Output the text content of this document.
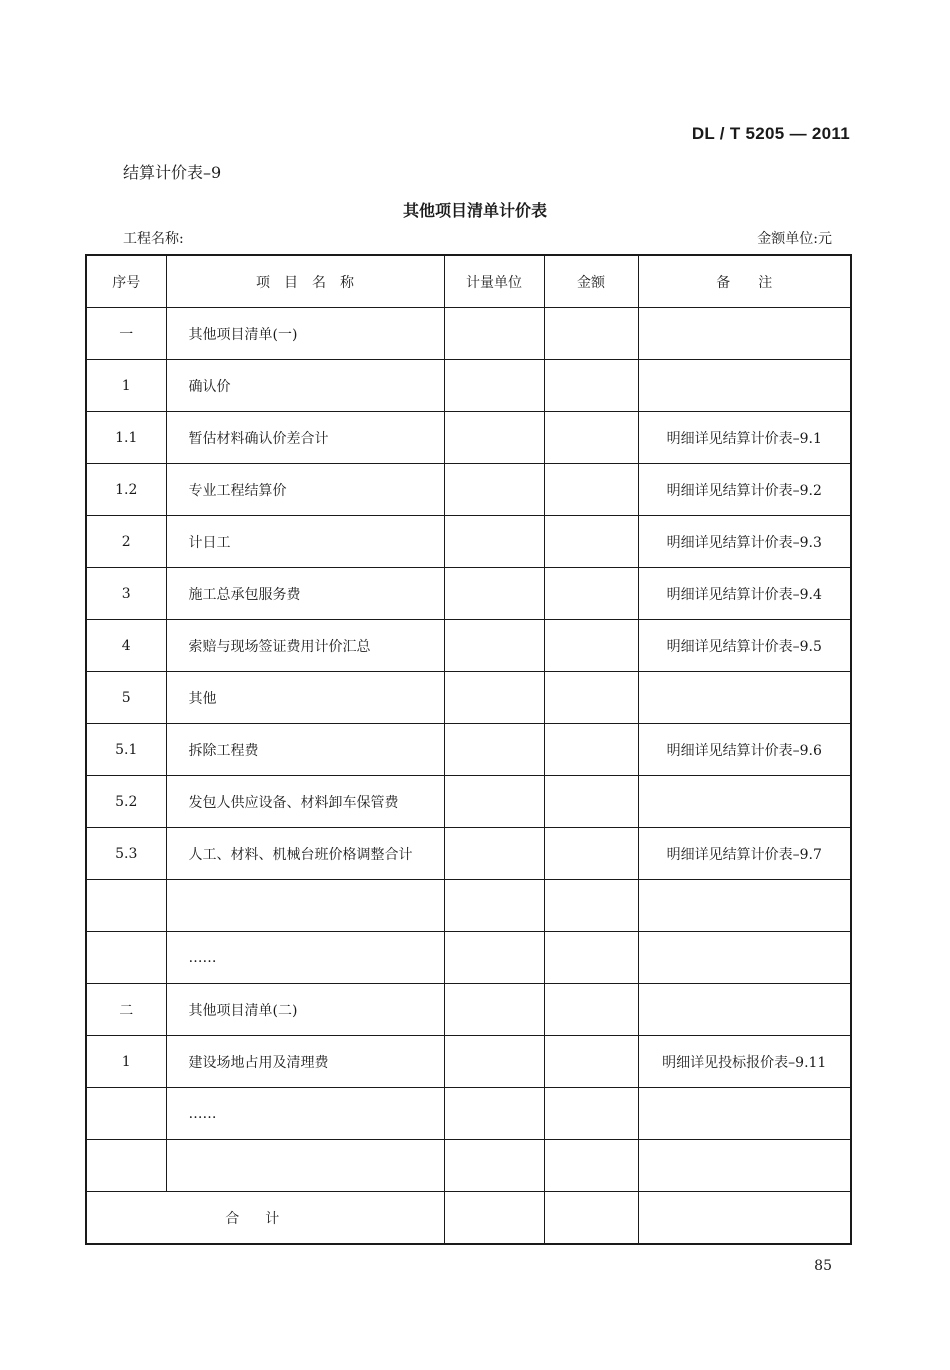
DL / T 5205 — 2011
结算计价表–9
其他项目清单计价表
工程名称:	金额单位:元
序号	项　目　名　称	计量单位	金额	备　　注
一	其他项目清单(一)			
1	确认价			
1.1	暂估材料确认价差合计			明细详见结算计价表–9.1
1.2	专业工程结算价			明细详见结算计价表–9.2
2	计日工			明细详见结算计价表–9.3
3	施工总承包服务费			明细详见结算计价表–9.4
4	索赔与现场签证费用计价汇总			明细详见结算计价表–9.5
5	其他			
5.1	拆除工程费			明细详见结算计价表–9.6
5.2	发包人供应设备、材料卸车保管费			
5.3	人工、材料、机械台班价格调整合计			明细详见结算计价表–9.7

	……			
二	其他项目清单(二)			
1	建设场地占用及清理费			明细详见投标报价表–9.11
	……			

合计				
85
